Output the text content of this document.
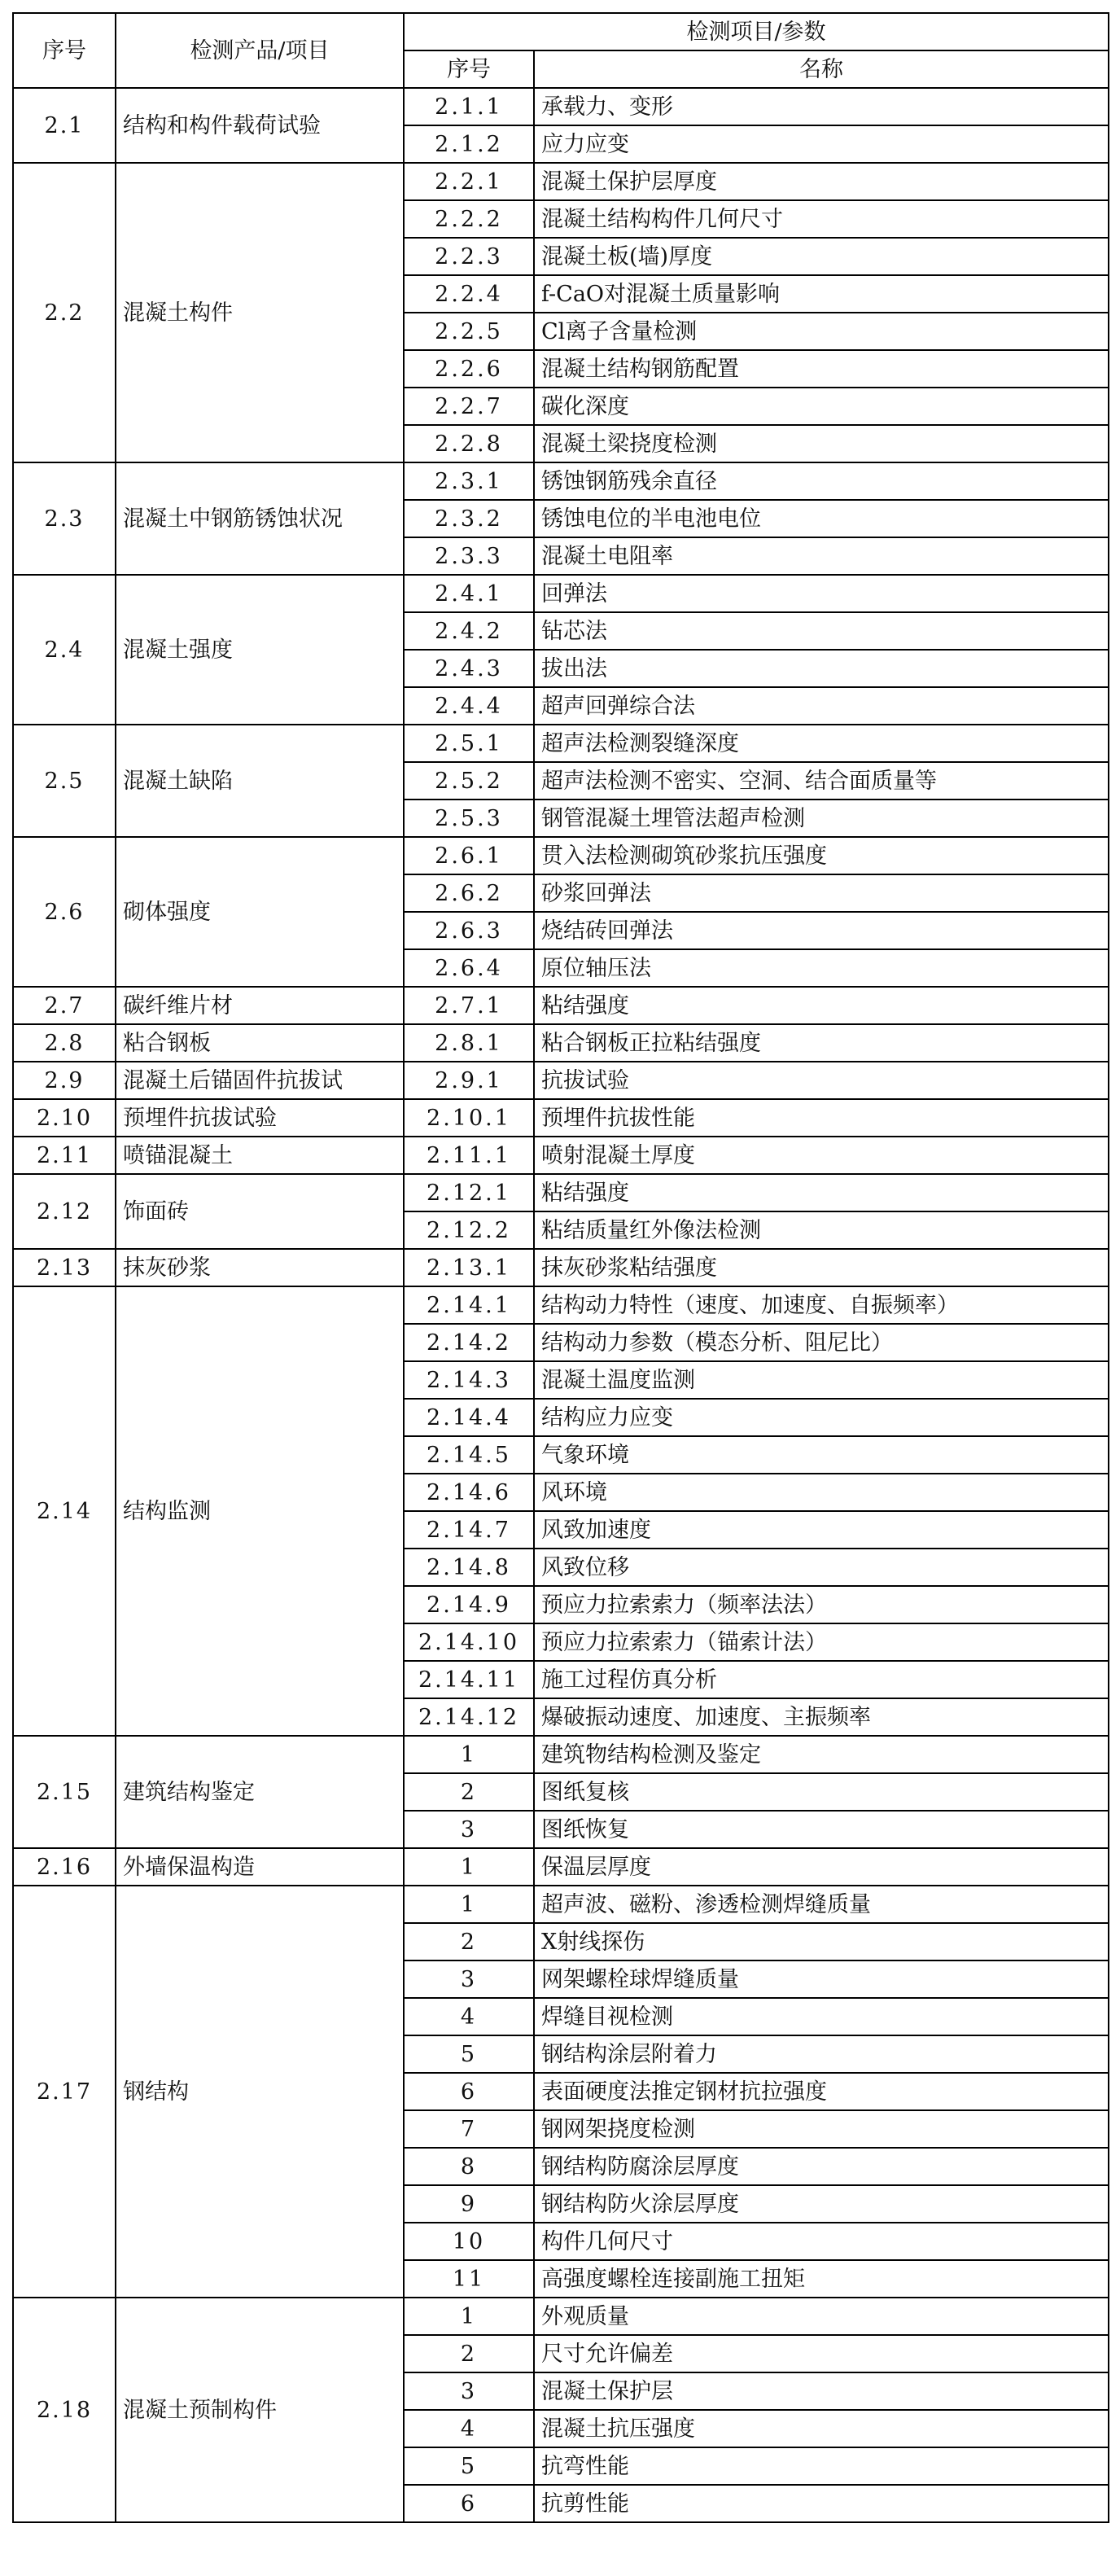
序号	检测产品/项目	检测项目/参数	
		序号	名称
2.1	结构和构件载荷试验	2.1.1	承载力、变形
		2.1.2	应力应变
2.2	混凝土构件	2.2.1	混凝土保护层厚度
		2.2.2	混凝土结构构件几何尺寸
		2.2.3	混凝土板(墙)厚度
		2.2.4	f-CaO对混凝土质量影响
		2.2.5	Cl离子含量检测
		2.2.6	混凝土结构钢筋配置
		2.2.7	碳化深度
		2.2.8	混凝土梁挠度检测
2.3	混凝土中钢筋锈蚀状况	2.3.1	锈蚀钢筋残余直径
		2.3.2	锈蚀电位的半电池电位
		2.3.3	混凝土电阻率
2.4	混凝土强度	2.4.1	回弹法
		2.4.2	钻芯法
		2.4.3	拔出法
		2.4.4	超声回弹综合法
2.5	混凝土缺陷	2.5.1	超声法检测裂缝深度
		2.5.2	超声法检测不密实、空洞、结合面质量等
		2.5.3	钢管混凝土埋管法超声检测
2.6	砌体强度	2.6.1	贯入法检测砌筑砂浆抗压强度
		2.6.2	砂浆回弹法
		2.6.3	烧结砖回弹法
		2.6.4	原位轴压法
2.7	碳纤维片材	2.7.1	粘结强度
2.8	粘合钢板	2.8.1	粘合钢板正拉粘结强度
2.9	混凝土后锚固件抗拔试	2.9.1	抗拔试验
2.10	预埋件抗拔试验	2.10.1	预埋件抗拔性能
2.11	喷锚混凝土	2.11.1	喷射混凝土厚度
2.12	饰面砖	2.12.1	粘结强度
		2.12.2	粘结质量红外像法检测
2.13	抹灰砂浆	2.13.1	抹灰砂浆粘结强度
2.14	结构监测	2.14.1	结构动力特性（速度、加速度、自振频率）
		2.14.2	结构动力参数（模态分析、阻尼比）
		2.14.3	混凝土温度监测
		2.14.4	结构应力应变
		2.14.5	气象环境
		2.14.6	风环境
		2.14.7	风致加速度
		2.14.8	风致位移
		2.14.9	预应力拉索索力（频率法法）
		2.14.10	预应力拉索索力（锚索计法）
		2.14.11	施工过程仿真分析
		2.14.12	爆破振动速度、加速度、主振频率
2.15	建筑结构鉴定	1	建筑物结构检测及鉴定
		2	图纸复核
		3	图纸恢复
2.16	外墙保温构造	1	保温层厚度
2.17	钢结构	1	超声波、磁粉、渗透检测焊缝质量
		2	X射线探伤
		3	网架螺栓球焊缝质量
		4	焊缝目视检测
		5	钢结构涂层附着力
		6	表面硬度法推定钢材抗拉强度
		7	钢网架挠度检测
		8	钢结构防腐涂层厚度
		9	钢结构防火涂层厚度
		10	构件几何尺寸
		11	高强度螺栓连接副施工扭矩
2.18	混凝土预制构件	1	外观质量
		2	尺寸允许偏差
		3	混凝土保护层
		4	混凝土抗压强度
		5	抗弯性能
		6	抗剪性能
